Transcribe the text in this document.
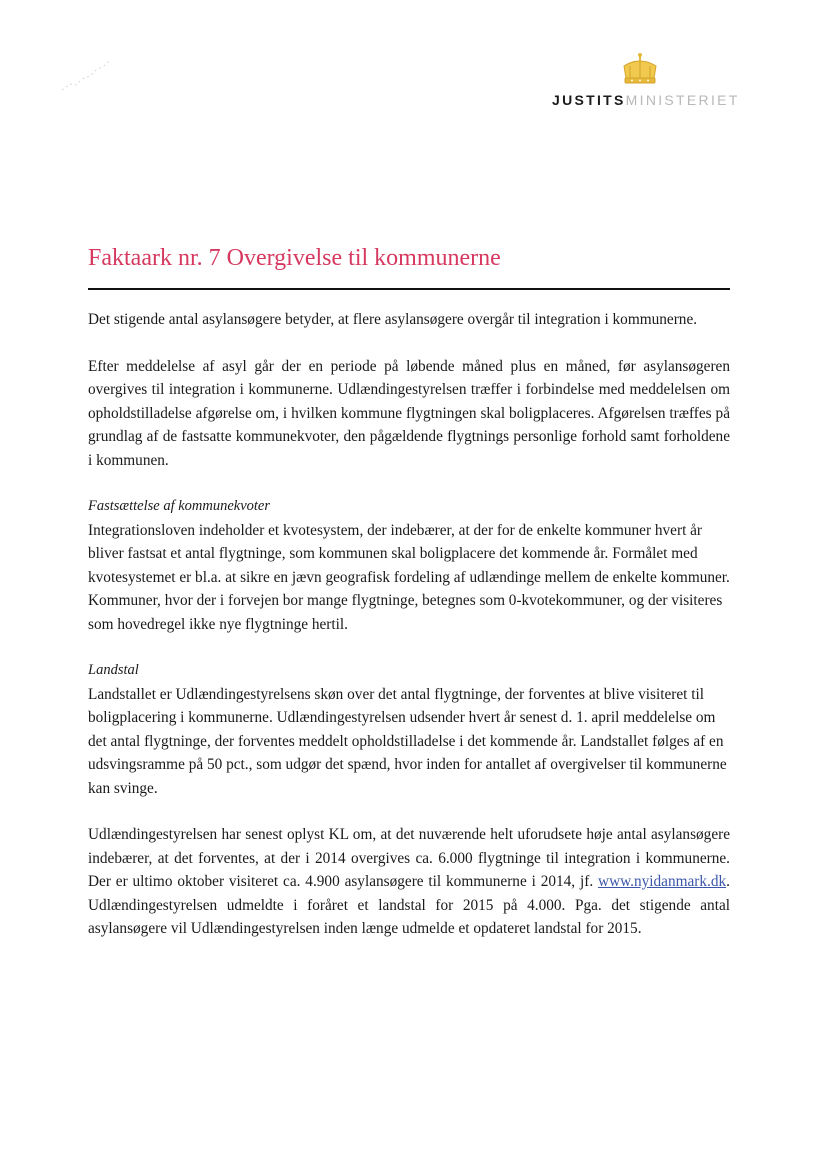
JUSTITSMINISTERIET
Faktaark nr. 7 Overgivelse til kommunerne

Det stigende antal asylansøgere betyder, at flere asylansøgere overgår til integration i kommunerne.

Efter meddelelse af asyl går der en periode på løbende måned plus en måned, før asylansøgeren overgives til integration i kommunerne. Udlændingestyrelsen træffer i forbindelse med meddelelsen om opholdstilladelse afgørelse om, i hvilken kommune flygtningen skal boligplaceres. Afgørelsen træffes på grundlag af de fastsatte kommunekvoter, den pågældende flygtnings personlige forhold samt forholdene i kommunen.

Fastsættelse af kommunekvoter
Integrationsloven indeholder et kvotesystem, der indebærer, at der for de enkelte kommuner hvert år bliver fastsat et antal flygtninge, som kommunen skal boligplacere det kommende år. Formålet med kvotesystemet er bl.a. at sikre en jævn geografisk fordeling af udlændinge mellem de enkelte kommuner. Kommuner, hvor der i forvejen bor mange flygtninge, betegnes som 0-kvotekommuner, og der visiteres som hovedregel ikke nye flygtninge hertil.

Landstal
Landstallet er Udlændingestyrelsens skøn over det antal flygtninge, der forventes at blive visiteret til boligplacering i kommunerne. Udlændingestyrelsen udsender hvert år senest d. 1. april meddelelse om det antal flygtninge, der forventes meddelt opholdstilladelse i det kommende år. Landstallet følges af en udsvingsramme på 50 pct., som udgør det spænd, hvor inden for antallet af overgivelser til kommunerne kan svinge.

Udlændingestyrelsen har senest oplyst KL om, at det nuværende helt uforudsete høje antal asylansøgere indebærer, at det forventes, at der i 2014 overgives ca. 6.000 flygtninge til integration i kommunerne. Der er ultimo oktober visiteret ca. 4.900 asylansøgere til kommunerne i 2014, jf. www.nyidanmark.dk. Udlændingestyrelsen udmeldte i foråret et landstal for 2015 på 4.000. Pga. det stigende antal asylansøgere vil Udlændingestyrelsen inden længe udmelde et opdateret landstal for 2015.
